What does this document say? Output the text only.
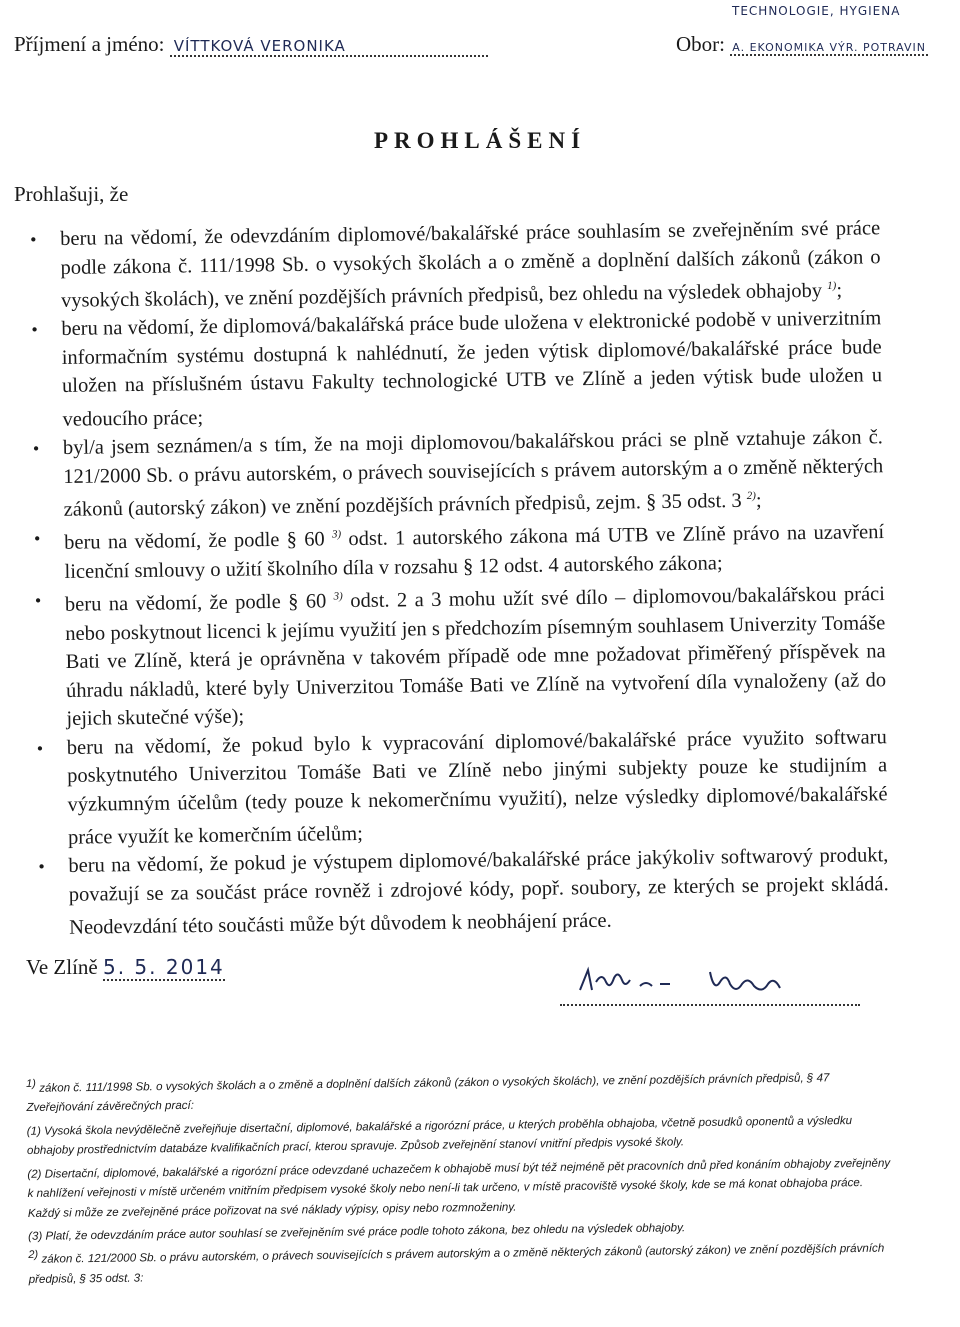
TECHNOLOGIE, HYGIENA
Příjmení a jméno: VÍTTKOVÁ VERONIKA	Obor: A. EKONOMIKA VÝR. POTRAVIN
PROHLÁŠENÍ
Prohlašuji, že
• beru na vědomí, že odevzdáním diplomové/bakalářské práce souhlasím se zveřejněním své práce podle zákona č. 111/1998 Sb. o vysokých školách a o změně a doplnění dalších zákonů (zákon o vysokých školách), ve znění pozdějších právních předpisů, bez ohledu na výsledek obhajoby $^{1)}$;
• beru na vědomí, že diplomová/bakalářská práce bude uložena v elektronické podobě v univerzitním informačním systému dostupná k nahlédnutí, že jeden výtisk diplomové/bakalářské práce bude uložen na příslušném ústavu Fakulty technologické UTB ve Zlíně a jeden výtisk bude uložen u vedoucího práce;
• byl/a jsem seznámen/a s tím, že na moji diplomovou/bakalářskou práci se plně vztahuje zákon č. 121/2000 Sb. o právu autorském, o právech souvisejících s právem autorským a o změně některých zákonů (autorský zákon) ve znění pozdějších právních předpisů, zejm. § 35 odst. 3 $^{2)}$;
• beru na vědomí, že podle § 60 $^{3)}$ odst. 1 autorského zákona má UTB ve Zlíně právo na uzavření licenční smlouvy o užití školního díla v rozsahu § 12 odst. 4 autorského zákona;
• beru na vědomí, že podle § 60 $^{3)}$ odst. 2 a 3 mohu užít své dílo – diplomovou/bakalářskou práci nebo poskytnout licenci k jejímu využití jen s předchozím písemným souhlasem Univerzity Tomáše Bati ve Zlíně, která je oprávněna v takovém případě ode mne požadovat přiměřený příspěvek na úhradu nákladů, které byly Univerzitou Tomáše Bati ve Zlíně na vytvoření díla vynaloženy (až do jejich skutečné výše);
• beru na vědomí, že pokud bylo k vypracování diplomové/bakalářské práce využito softwaru poskytnutého Univerzitou Tomáše Bati ve Zlíně nebo jinými subjekty pouze ke studijním a výzkumným účelům (tedy pouze k nekomerčnímu využití), nelze výsledky diplomové/bakalářské práce využít ke komerčním účelům;
• beru na vědomí, že pokud je výstupem diplomové/bakalářské práce jakýkoliv softwarový produkt, považují se za součást práce rovněž i zdrojové kódy, popř. soubory, ze kterých se projekt skládá. Neodevzdání této součásti může být důvodem k neobhájení práce.
Ve Zlíně 5. 5. 2014

$^{1)}$ zákon č. 111/1998 Sb. o vysokých školách a o změně a doplnění dalších zákonů (zákon o vysokých školách), ve znění pozdějších právních předpisů, § 47 Zveřejňování závěrečných prací:

(1) Vysoká škola nevýdělečně zveřejňuje disertační, diplomové, bakalářské a rigorózní práce, u kterých proběhla obhajoba, včetně posudků oponentů a výsledku obhajoby prostřednictvím databáze kvalifikačních prací, kterou spravuje. Způsob zveřejnění stanoví vnitřní předpis vysoké školy.

(2) Disertační, diplomové, bakalářské a rigorózní práce odevzdané uchazečem k obhajobě musí být též nejméně pět pracovních dnů před konáním obhajoby zveřejněny k nahlížení veřejnosti v místě určeném vnitřním předpisem vysoké školy nebo není-li tak určeno, v místě pracoviště vysoké školy, kde se má konat obhajoba práce. Každý si může ze zveřejněné práce pořizovat na své náklady výpisy, opisy nebo rozmnoženiny.

(3) Platí, že odevzdáním práce autor souhlasí se zveřejněním své práce podle tohoto zákona, bez ohledu na výsledek obhajoby.

$^{2)}$ zákon č. 121/2000 Sb. o právu autorském, o právech souvisejících s právem autorským a o změně některých zákonů (autorský zákon) ve znění pozdějších právních předpisů, § 35 odst. 3:
